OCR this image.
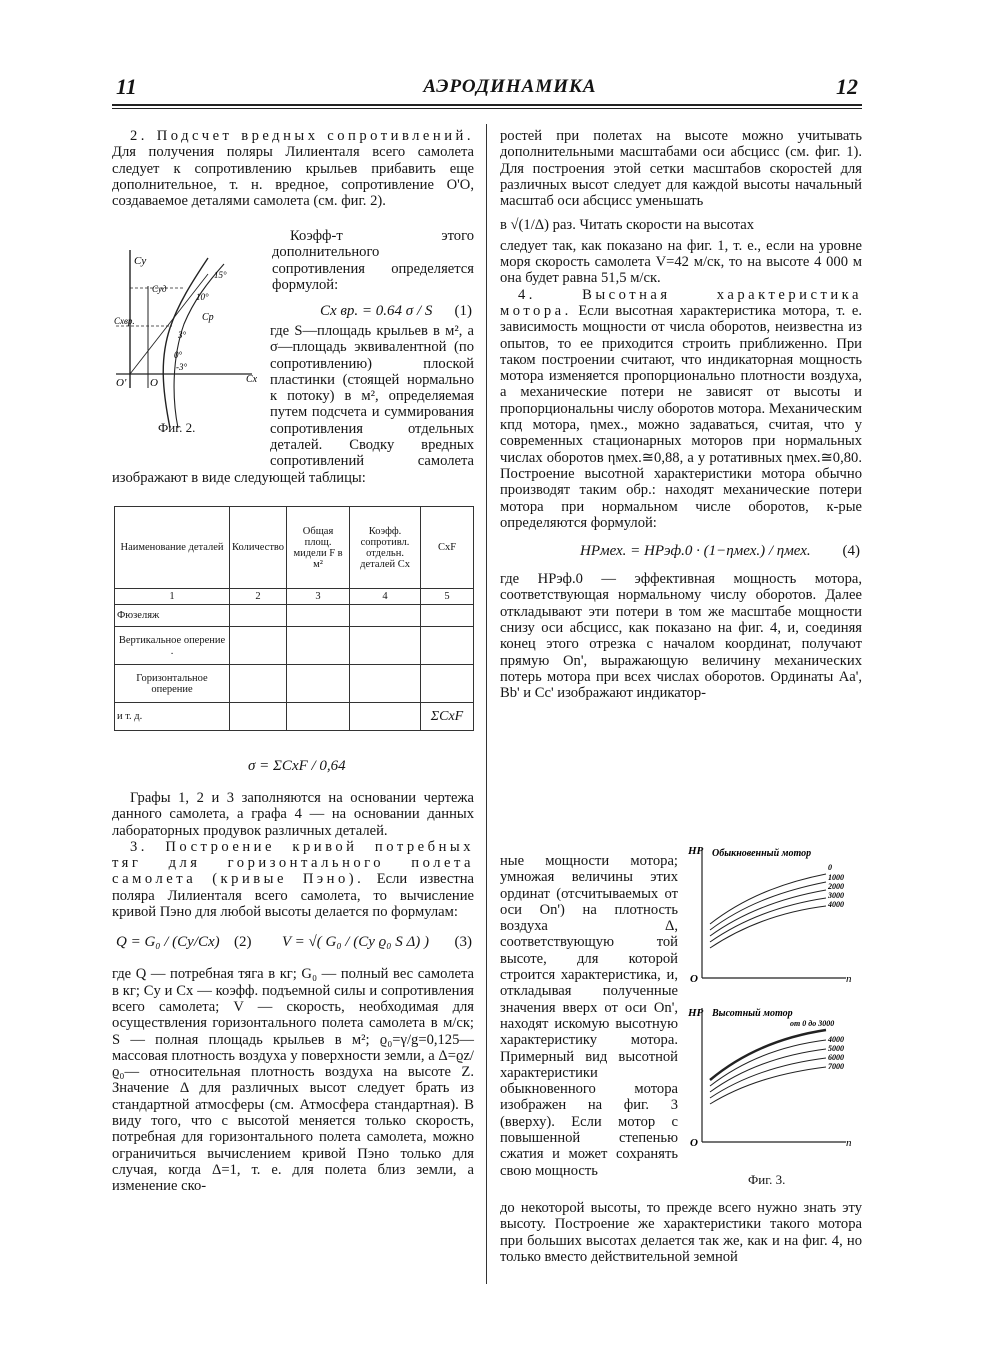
11	АЭРОДИНАМИКА	12

2. Подсчет вредных сопротивлений. Для получения поляры Лилиенталя всего самолета следует к сопротивлению крыльев прибавить еще дополнительное, т. н. вредное, сопротивление O'O, создаваемое деталями самолета (см. фиг. 2).

Cy
Cуд
Cхвр.	Cp
15°
10°
3°
0°
-3°
O' O	Cx
Фиг. 2.

Коэфф-т этого дополнительного сопротивления определяется формулой:

Cx вр. = 0.64 σ / S (1)

где S—площадь крыльев в м², а σ—площадь эквивалентной (по сопротивлению) плоской пластинки (стоящей нормально к потоку) в м², определяемая путем подсчета и суммирования сопротивления отдельных деталей. Сводку вредных сопротивлений самолета изображают в виде следующей таблицы:

Наименование деталей	Количество	Общая площ. мидели F в м²	Коэфф. сопротивл. отдельн. деталей Cx	CxF
1	2	3	4	5
Фюзеляж				
Вертикальное оперение .				
Горизонтальное оперение				
и т. д.				ΣCxF
σ = ΣCxF / 0,64

Графы 1, 2 и 3 заполняются на основании чертежа данного самолета, а графа 4 — на основании данных лабораторных продувок различных деталей.

3. Построение кривой потребных тяг для горизонтального полета самолета (кривые Пэно). Если известна поляра Лилиенталя всего самолета, то вычисление кривой Пэно для любой высоты делается по формулам:

Q = G₀ / (Cy/Cx) (2) V = √( G₀ / (Cy ϱ₀ S Δ) ) (3)

где Q — потребная тяга в кг; G₀ — полный вес самолета в кг; Cy и Cx — коэфф. подъемной силы и сопротивления всего самолета; V — скорость, необходимая для осуществления горизонтального полета самолета в м/ск; S — полная площадь крыльев в м²; ϱ₀=γ/g=0,125—массовая плотность воздуха у поверхности земли, а Δ=ϱz/ϱ₀— относительная плотность воздуха на высоте Z. Значение Δ для различных высот следует брать из стандартной атмосферы (см. Атмосфера стандартная). В виду того, что с высотой меняется только скорость, потребная для горизонтального полета самолета, можно ограничиться вычислением кривой Пэно только для случая, когда Δ=1, т. е. для полета близ земли, а изменение ско-

ростей при полетах на высоте можно учитывать дополнительными масштабами оси абсцисс (см. фиг. 1). Для построения этой сетки масштабов скоростей для различных высот следует для каждой высоты начальный масштаб оси абсцисс уменьшать

в √(1/Δ) раз. Читать скорости на высотах

следует так, как показано на фиг. 1, т. е., если на уровне моря скорость самолета V=42 м/ск, то на высоте 4 000 м она будет равна 51,5 м/ск.

4. Высотная характеристика мотора. Если высотная характеристика мотора, т. е. зависимость мощности от числа оборотов, неизвестна из опытов, то ее приходится строить приближенно. При таком построении считают, что индикаторная мощность мотора изменяется пропорционально плотности воздуха, а механические потери не зависят от высоты и пропорциональны числу оборотов мотора. Механическим кпд мотора, ηмех., можно задаваться, считая, что у современных стационарных моторов при нормальных числах оборотов ηмех.≅0,88, а у ротативных ηмех.≅0,80. Построение высотной характеристики мотора обычно производят таким обр.: находят механические потери мотора при нормальном числе оборотов, к-рые определяются формулой:

HPмех. = HPэф.0 · (1−ηмех.) / ηмех. (4)

где HPэф.0 — эффективная мощность мотора, соответствующая нормальному числу оборотов. Далее откладывают эти потери в том же масштабе мощности снизу оси абсцисс, как показано на фиг. 4, и, соединяя конец этого отрезка с началом координат, получают прямую On', выражающую величину механических потерь мотора при всех числах оборотов. Ординаты Aa', Bb' и Cc' изображают индикатор-

ные мощности мотора; умножая величины этих ординат (отсчитываемых от оси On') на плотность воздуха Δ, соответствующую той высоте, для которой строится характеристика, и, откладывая полученные значения вверх от оси On', находят искомую высотную характеристику мотора. Примерный вид высотной характеристики обыкновенного мотора изображен на фиг. 3 (вверху). Если мотор с повышенной степенью сжатия и может сохранять свою мощность

HP Обыкновенный мотор
0
1000
2000
3000
4000
O	n
HP Высотный мотор
от 0 до 3000
4000
5000
6000
7000
O	n
Фиг. 3.

до некоторой высоты, то прежде всего нужно знать эту высоту. Построение же характеристики такого мотора при больших высотах делается так же, как и на фиг. 4, но только вместо действительной земной
